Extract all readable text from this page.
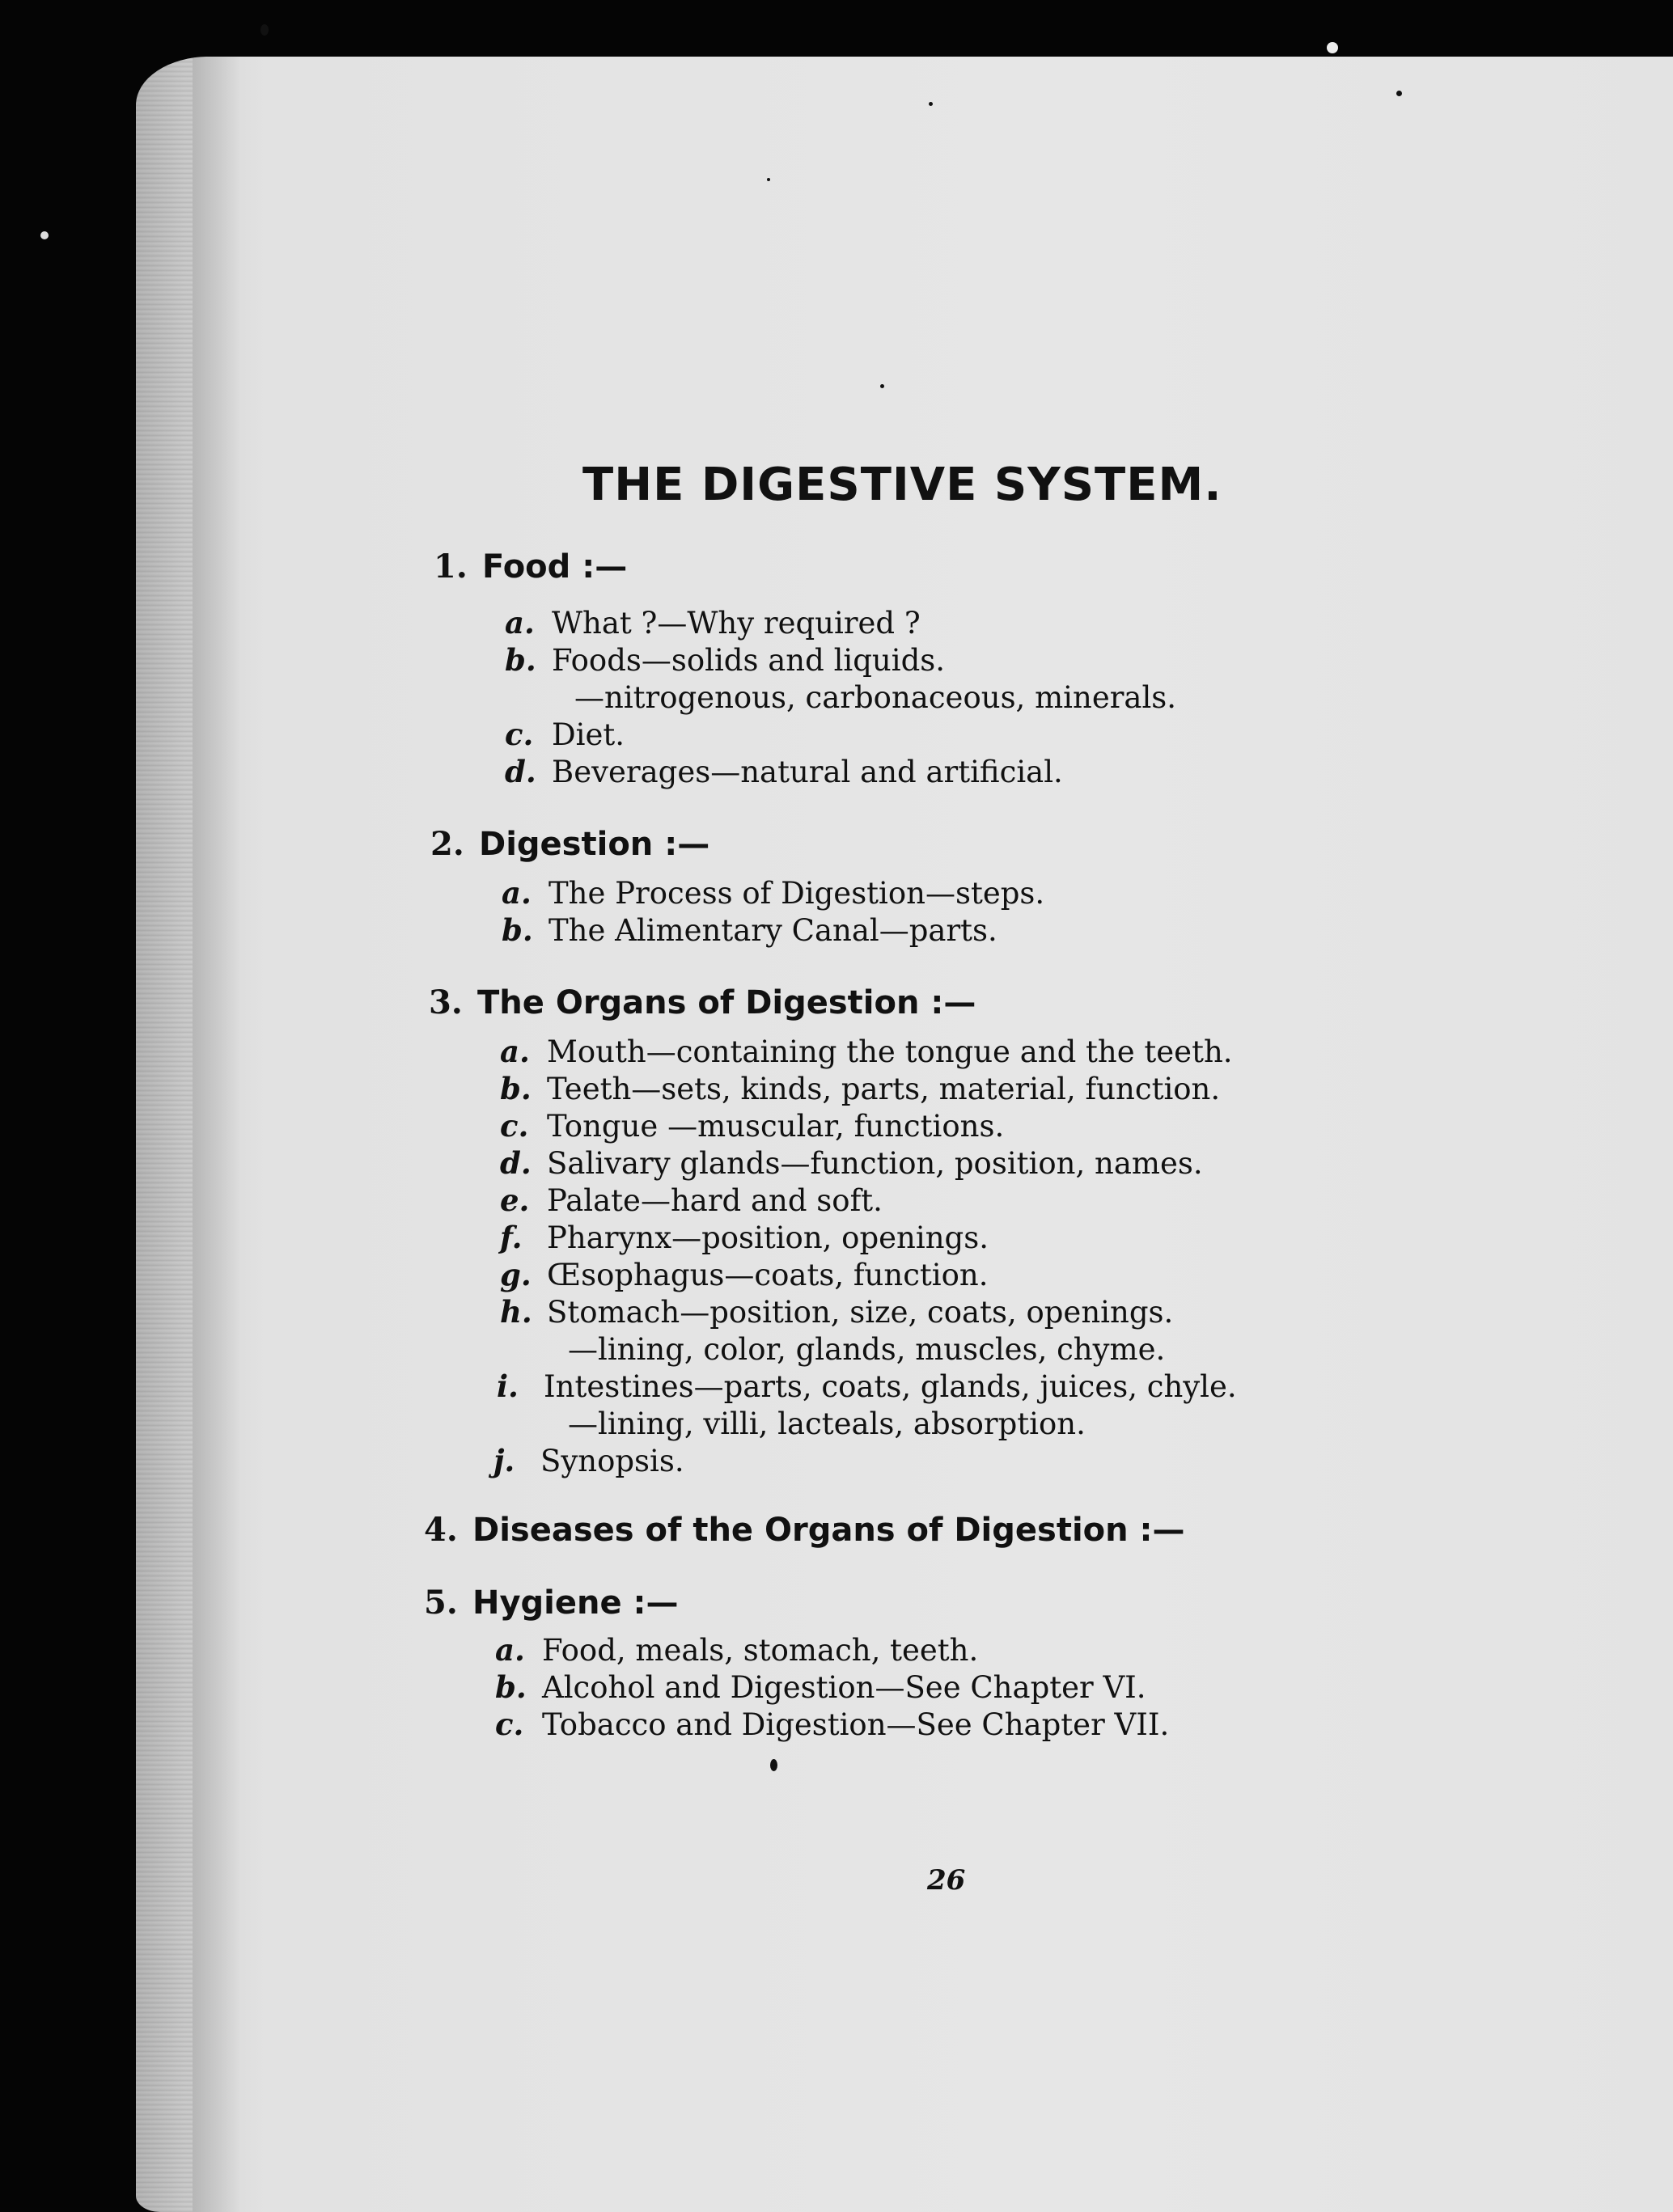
THE DIGESTIVE SYSTEM.
1. Food :—
a. What ?—Why required ?
b. Foods—solids and liquids.
—nitrogenous, carbonaceous, minerals.
c. Diet.
d. Beverages—natural and artificial.
2. Digestion :—
a. The Process of Digestion—steps.
b. The Alimentary Canal—parts.
3. The Organs of Digestion :—
a. Mouth—containing the tongue and the teeth.
b. Teeth—sets, kinds, parts, material, function.
c. Tongue —muscular, functions.
d. Salivary glands—function, position, names.
e. Palate—hard and soft.
f. Pharynx—position, openings.
g. Œsophagus—coats, function.
h. Stomach—position, size, coats, openings.
—lining, color, glands, muscles, chyme.
i. Intestines—parts, coats, glands, juices, chyle.
—lining, villi, lacteals, absorption.
j. Synopsis.
4. Diseases of the Organs of Digestion :—
5. Hygiene :—
a. Food, meals, stomach, teeth.
b. Alcohol and Digestion—See Chapter VI.
c. Tobacco and Digestion—See Chapter VII.
26
